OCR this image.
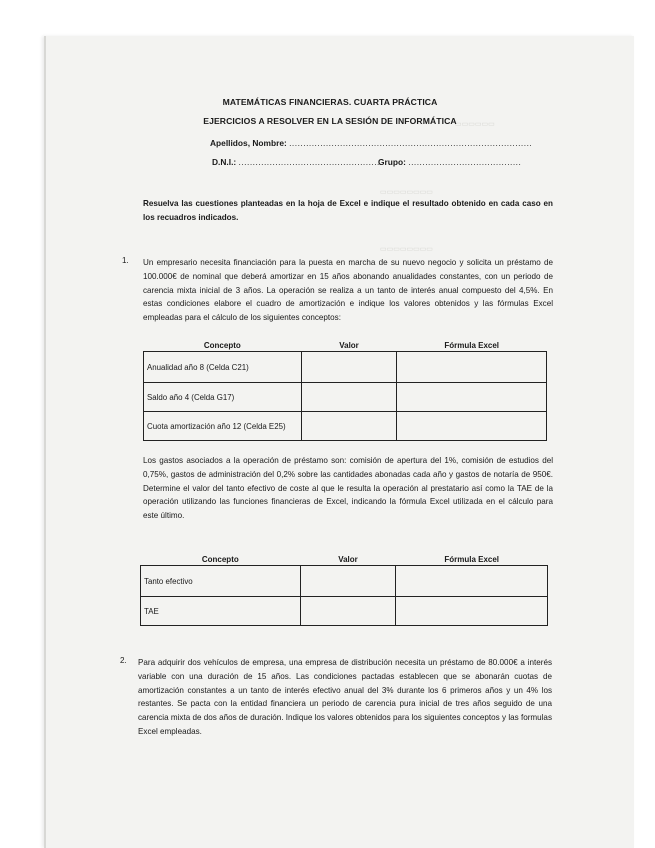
▭▭▭▭▭▭
▭▭▭▭▭▭▭▭
▭▭▭▭▭▭▭▭
MATEMÁTICAS FINANCIERAS. CUARTA PRÁCTICA
EJERCICIOS A RESOLVER EN LA SESIÓN DE INFORMÁTICA
Apellidos, Nombre: ......................................................................................
D.N.I.: ..................................................
Grupo: ........................................
Resuelva las cuestiones planteadas en la hoja de Excel e indique el resultado obtenido en cada caso en los recuadros indicados.
1. Un empresario necesita financiación para la puesta en marcha de su nuevo negocio y solicita un préstamo de 100.000€ de nominal que deberá amortizar en 15 años abonando anualidades constantes, con un periodo de carencia mixta inicial de 3 años. La operación se realiza a un tanto de interés anual compuesto del 4,5%. En estas condiciones elabore el cuadro de amortización e indique los valores obtenidos y las fórmulas Excel empleadas para el cálculo de los siguientes conceptos:
Concepto	Valor	Fórmula Excel
Anualidad año 8 (Celda C21)		
Saldo año 4 (Celda G17)		
Cuota amortización año 12 (Celda E25)		
Los gastos asociados a la operación de préstamo son: comisión de apertura del 1%, comisión de estudios del 0,75%, gastos de administración del 0,2% sobre las cantidades abonadas cada año y gastos de notaría de 950€. Determine el valor del tanto efectivo de coste al que le resulta la operación al prestatario así como la TAE de la operación utilizando las funciones financieras de Excel, indicando la fórmula Excel utilizada en el cálculo para este último.
Concepto	Valor	Fórmula Excel
Tanto efectivo		
TAE		
2. Para adquirir dos vehículos de empresa, una empresa de distribución necesita un préstamo de 80.000€ a interés variable con una duración de 15 años. Las condiciones pactadas establecen que se abonarán cuotas de amortización constantes a un tanto de interés efectivo anual del 3% durante los 6 primeros años y un 4% los restantes. Se pacta con la entidad financiera un periodo de carencia pura inicial de tres años seguido de una carencia mixta de dos años de duración. Indique los valores obtenidos para los siguientes conceptos y las formulas Excel empleadas.
